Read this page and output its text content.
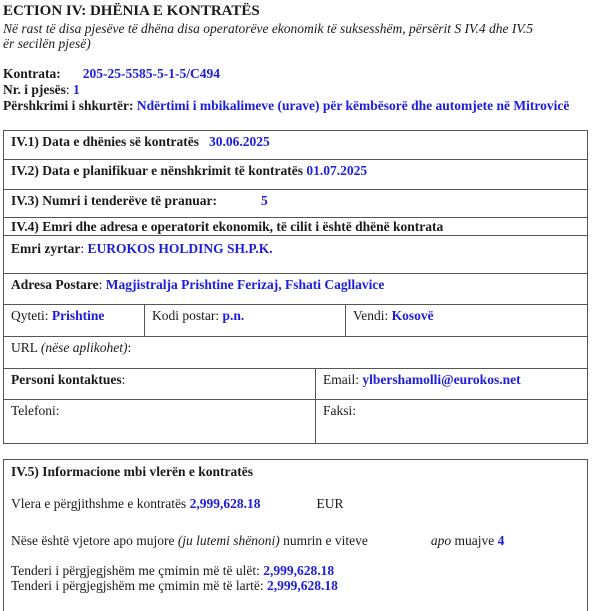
ECTION IV: DHËNIA E KONTRATËS
Në rast të disa pjesëve të dhëna disa operatorëve ekonomik të suksesshëm, përsërit S IV.4 dhe IV.5
ër secilën pjesë)
Kontrata: 205-25-5585-5-1-5/C494
Nr. i pjesës: 1
Përshkrimi i shkurtër: Ndërtimi i mbikalimeve (urave) për këmbësorë dhe automjete në Mitrovicë
IV.1) Data e dhënies së kontratës 30.06.2025
IV.2) Data e planifikuar e nënshkrimit të kontratës 01.07.2025
IV.3) Numri i tenderëve të pranuar:	5
IV.4) Emri dhe adresa e operatorit ekonomik, të cilit i është dhënë kontrata
Emri zyrtar: EUROKOS HOLDING SH.P.K.
Adresa Postare: Magjistralja Prishtine Ferizaj, Fshati Cagllavice
Qyteti: Prishtine	Kodi postar: p.n.	Vendi: Kosovë
URL (nëse aplikohet):
Personi kontaktues:	Email: ylbershamolli@eurokos.net
Telefoni:	Faksi:
IV.5) Informacione mbi vlerën e kontratës

Vlera e përgjithshme e kontratës 2,999,628.18	EUR

Nëse është vjetore apo mujore (ju lutemi shënoni) numrin e viteve	apo muajve 4

Tenderi i përgjegjshëm me çmimin më të ulët: 2,999,628.18

Tenderi i përgjegjshëm me çmimin më të lartë: 2,999,628.18
